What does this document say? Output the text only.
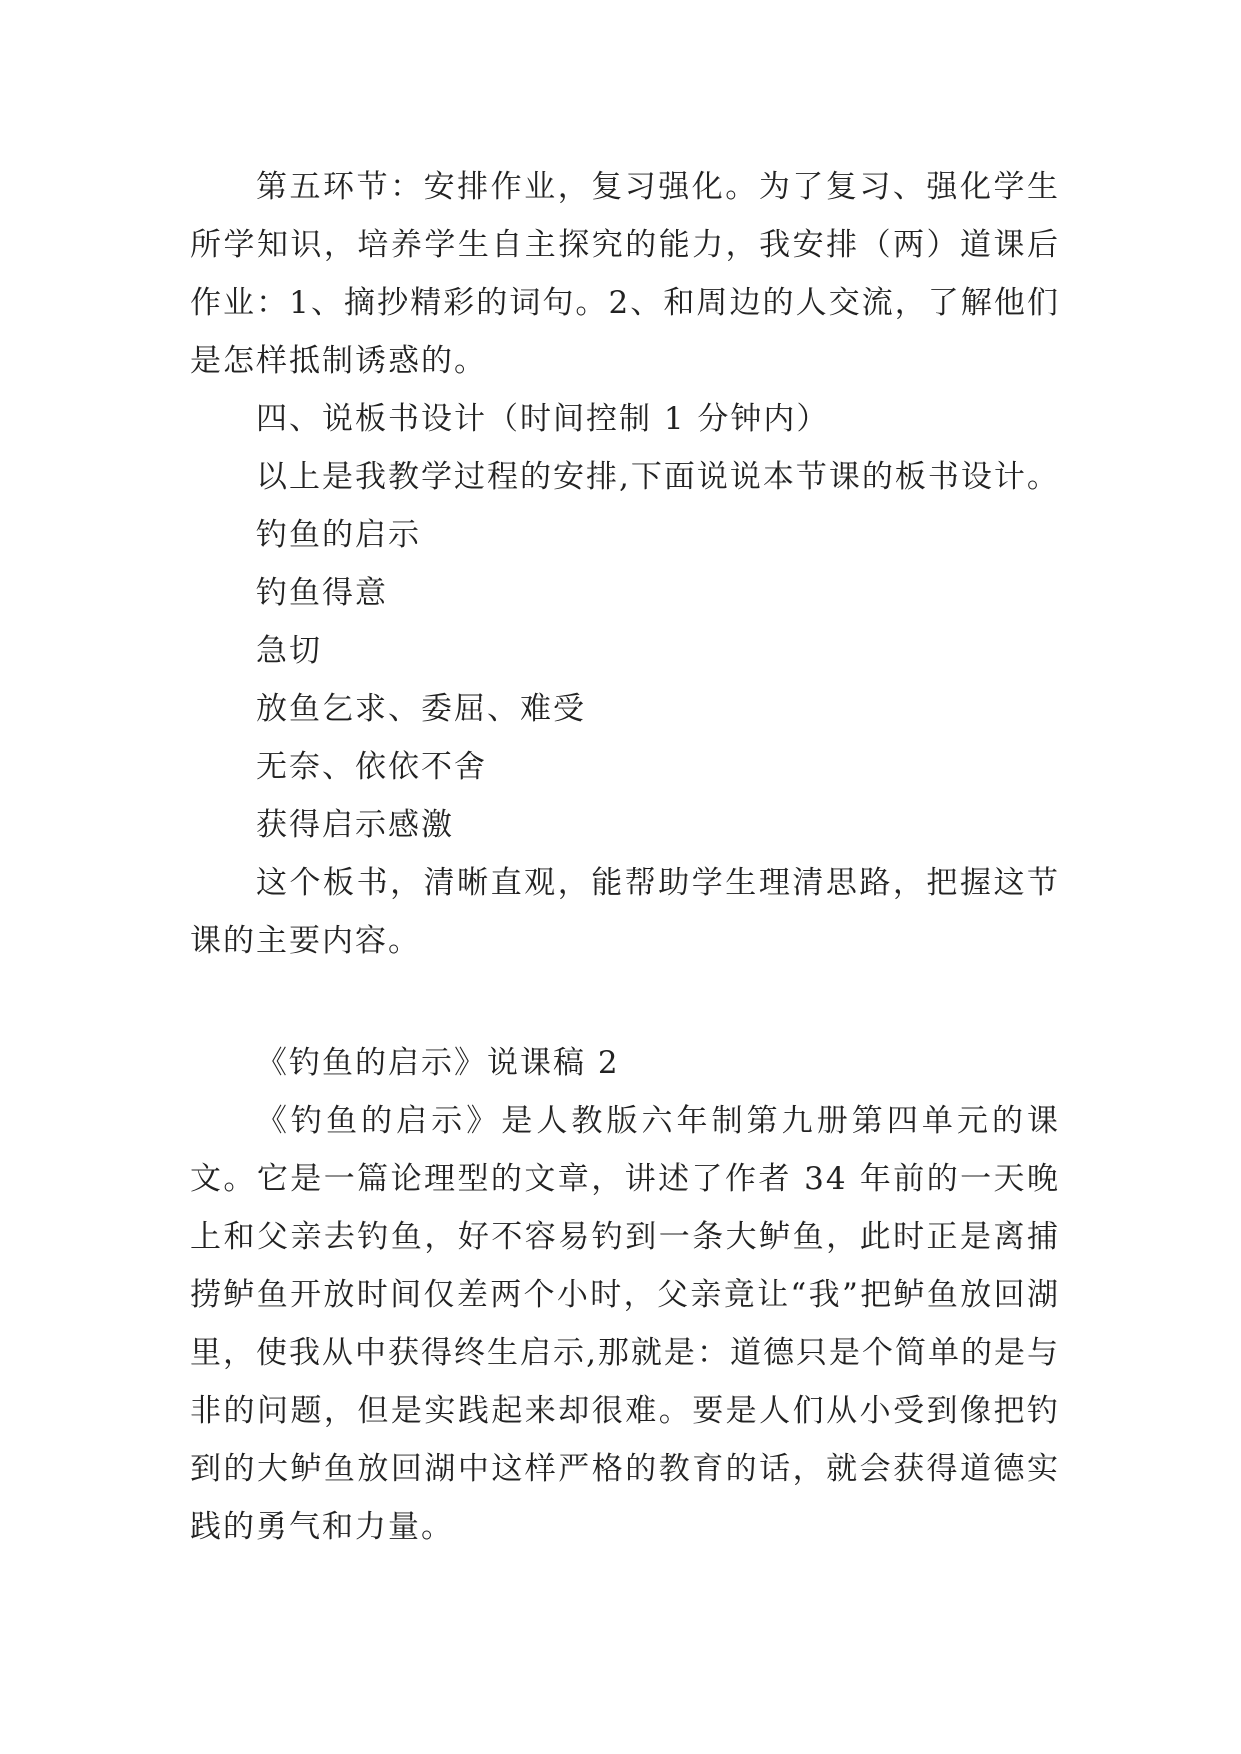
第五环节：安排作业，复习强化。为了复习、强化学生所学知识，培养学生自主探究的能力，我安排（两）道课后作业：1、摘抄精彩的词句。2、和周边的人交流，了解他们是怎样抵制诱惑的。

四、说板书设计（时间控制 1 分钟内）

以上是我教学过程的安排,下面说说本节课的板书设计。

钓鱼的启示

钓鱼得意

急切

放鱼乞求、委屈、难受

无奈、依依不舍

获得启示感激

这个板书，清晰直观，能帮助学生理清思路，把握这节课的主要内容。

《钓鱼的启示》说课稿 2

《钓鱼的启示》是人教版六年制第九册第四单元的课文。它是一篇论理型的文章，讲述了作者 34 年前的一天晚上和父亲去钓鱼，好不容易钓到一条大鲈鱼，此时正是离捕捞鲈鱼开放时间仅差两个小时，父亲竟让“我”把鲈鱼放回湖里，使我从中获得终生启示,那就是：道德只是个简单的是与非的问题，但是实践起来却很难。要是人们从小受到像把钓到的大鲈鱼放回湖中这样严格的教育的话，就会获得道德实践的勇气和力量。
